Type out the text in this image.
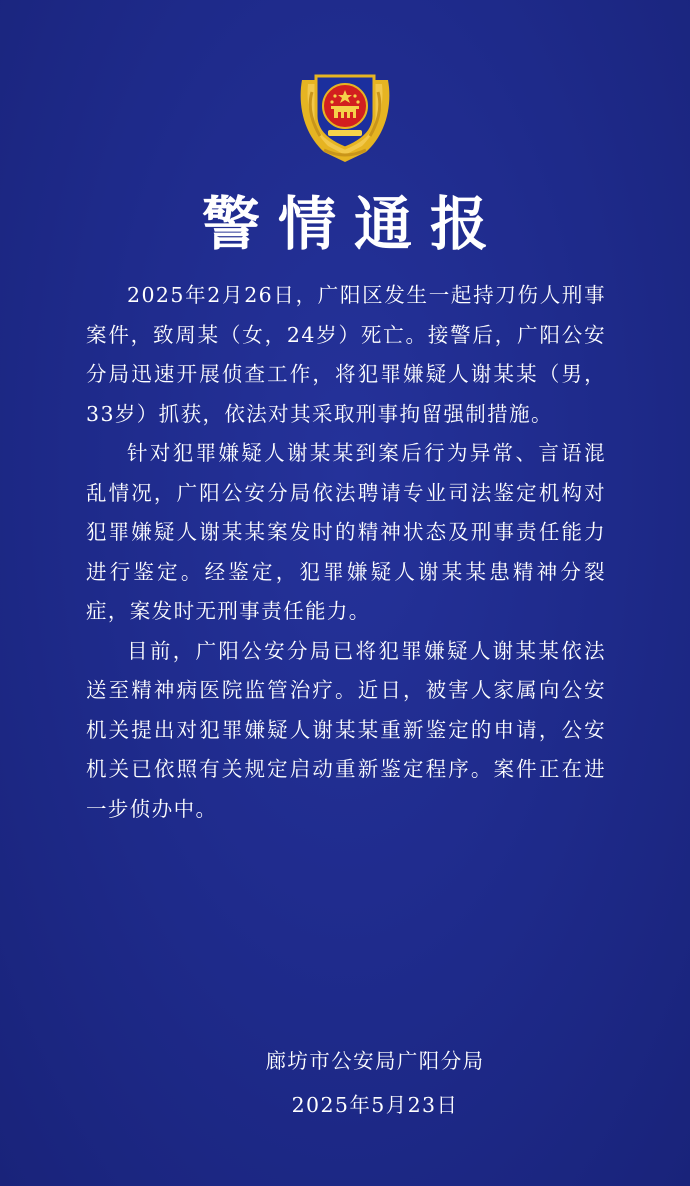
警情通报

2025年2月26日，广阳区发生一起持刀伤人刑事案件，致周某（女，24岁）死亡。接警后，广阳公安分局迅速开展侦查工作，将犯罪嫌疑人谢某某（男，33岁）抓获，依法对其采取刑事拘留强制措施。

针对犯罪嫌疑人谢某某到案后行为异常、言语混乱情况，广阳公安分局依法聘请专业司法鉴定机构对犯罪嫌疑人谢某某案发时的精神状态及刑事责任能力进行鉴定。经鉴定，犯罪嫌疑人谢某某患精神分裂症，案发时无刑事责任能力。

目前，广阳公安分局已将犯罪嫌疑人谢某某依法送至精神病医院监管治疗。近日，被害人家属向公安机关提出对犯罪嫌疑人谢某某重新鉴定的申请，公安机关已依照有关规定启动重新鉴定程序。案件正在进一步侦办中。

廊坊市公安局广阳分局
2025年5月23日
